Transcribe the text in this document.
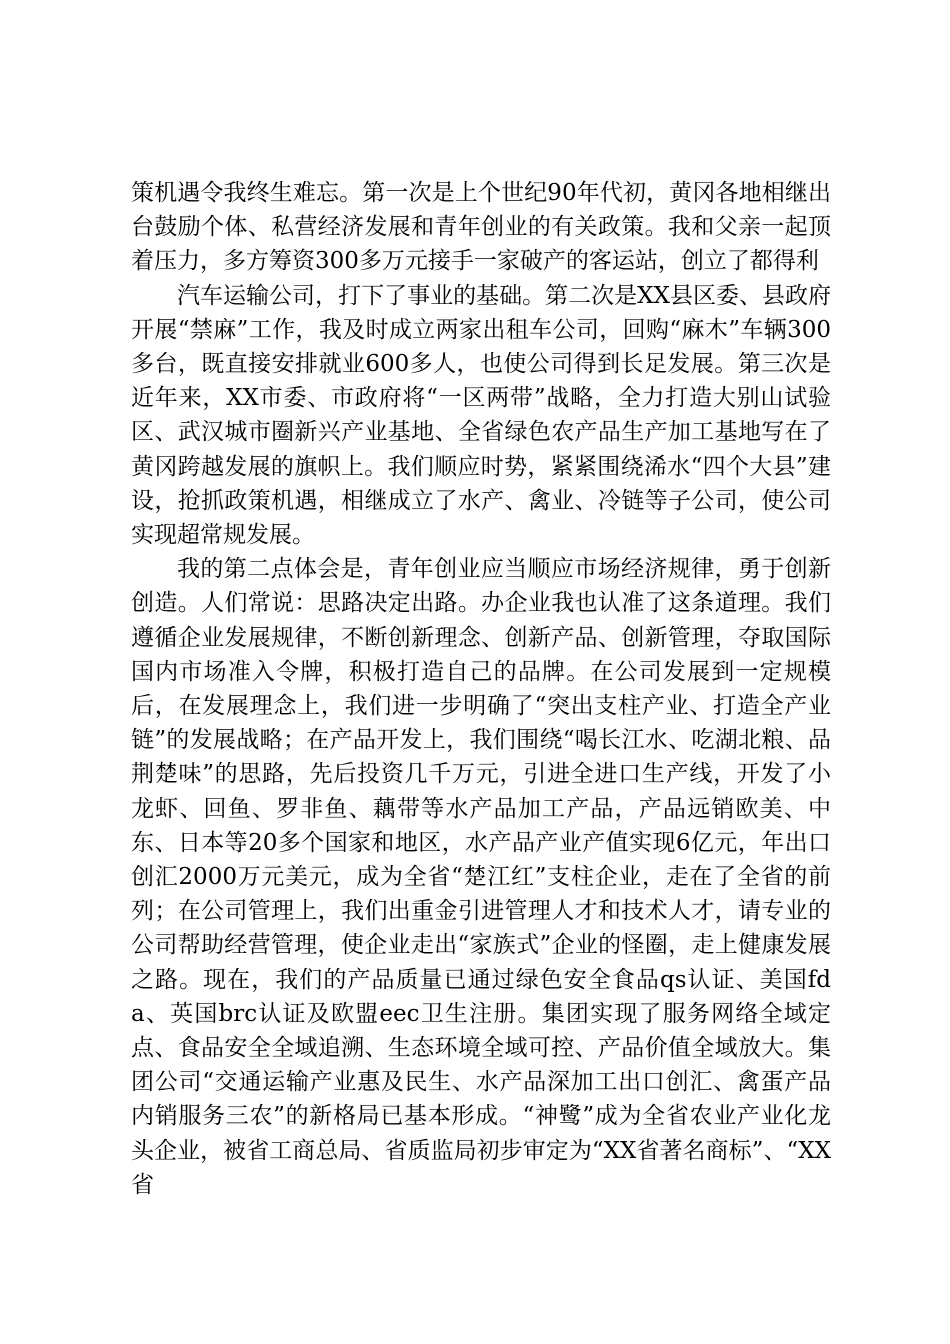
策机遇令我终生难忘。第一次是上个世纪90年代初，黄冈各地相继出台鼓励个体、私营经济发展和青年创业的有关政策。我和父亲一起顶着压力，多方筹资300多万元接手一家破产的客运站，创立了都得利

汽车运输公司，打下了事业的基础。第二次是XX县区委、县政府开展“禁麻”工作，我及时成立两家出租车公司，回购“麻木”车辆300多台，既直接安排就业600多人，也使公司得到长足发展。第三次是近年来，XX市委、市政府将“一区两带”战略，全力打造大别山试验区、武汉城市圈新兴产业基地、全省绿色农产品生产加工基地写在了黄冈跨越发展的旗帜上。我们顺应时势，紧紧围绕浠水“四个大县”建设，抢抓政策机遇，相继成立了水产、禽业、冷链等子公司，使公司实现超常规发展。

我的第二点体会是，青年创业应当顺应市场经济规律，勇于创新创造。人们常说：思路决定出路。办企业我也认准了这条道理。我们遵循企业发展规律，不断创新理念、创新产品、创新管理，夺取国际国内市场准入令牌，积极打造自己的品牌。在公司发展到一定规模后，在发展理念上，我们进一步明确了“突出支柱产业、打造全产业链”的发展战略；在产品开发上，我们围绕“喝长江水、吃湖北粮、品荆楚味”的思路，先后投资几千万元，引进全进口生产线，开发了小龙虾、回鱼、罗非鱼、藕带等水产品加工产品，产品远销欧美、中东、日本等20多个国家和地区，水产品产业产值实现6亿元，年出口创汇2000万元美元，成为全省“楚江红”支柱企业，走在了全省的前列；在公司管理上，我们出重金引进管理人才和技术人才，请专业的公司帮助经营管理，使企业走出“家族式”企业的怪圈，走上健康发展之路。现在，我们的产品质量已通过绿色安全食品qs认证、美国fda、英国brc认证及欧盟eec卫生注册。集团实现了服务网络全域定点、食品安全全域追溯、生态环境全域可控、产品价值全域放大。集团公司“交通运输产业惠及民生、水产品深加工出口创汇、禽蛋产品内销服务三农”的新格局已基本形成。“神鹭”成为全省农业产业化龙头企业，被省工商总局、省质监局初步审定为“XX省著名商标”、“XX省
